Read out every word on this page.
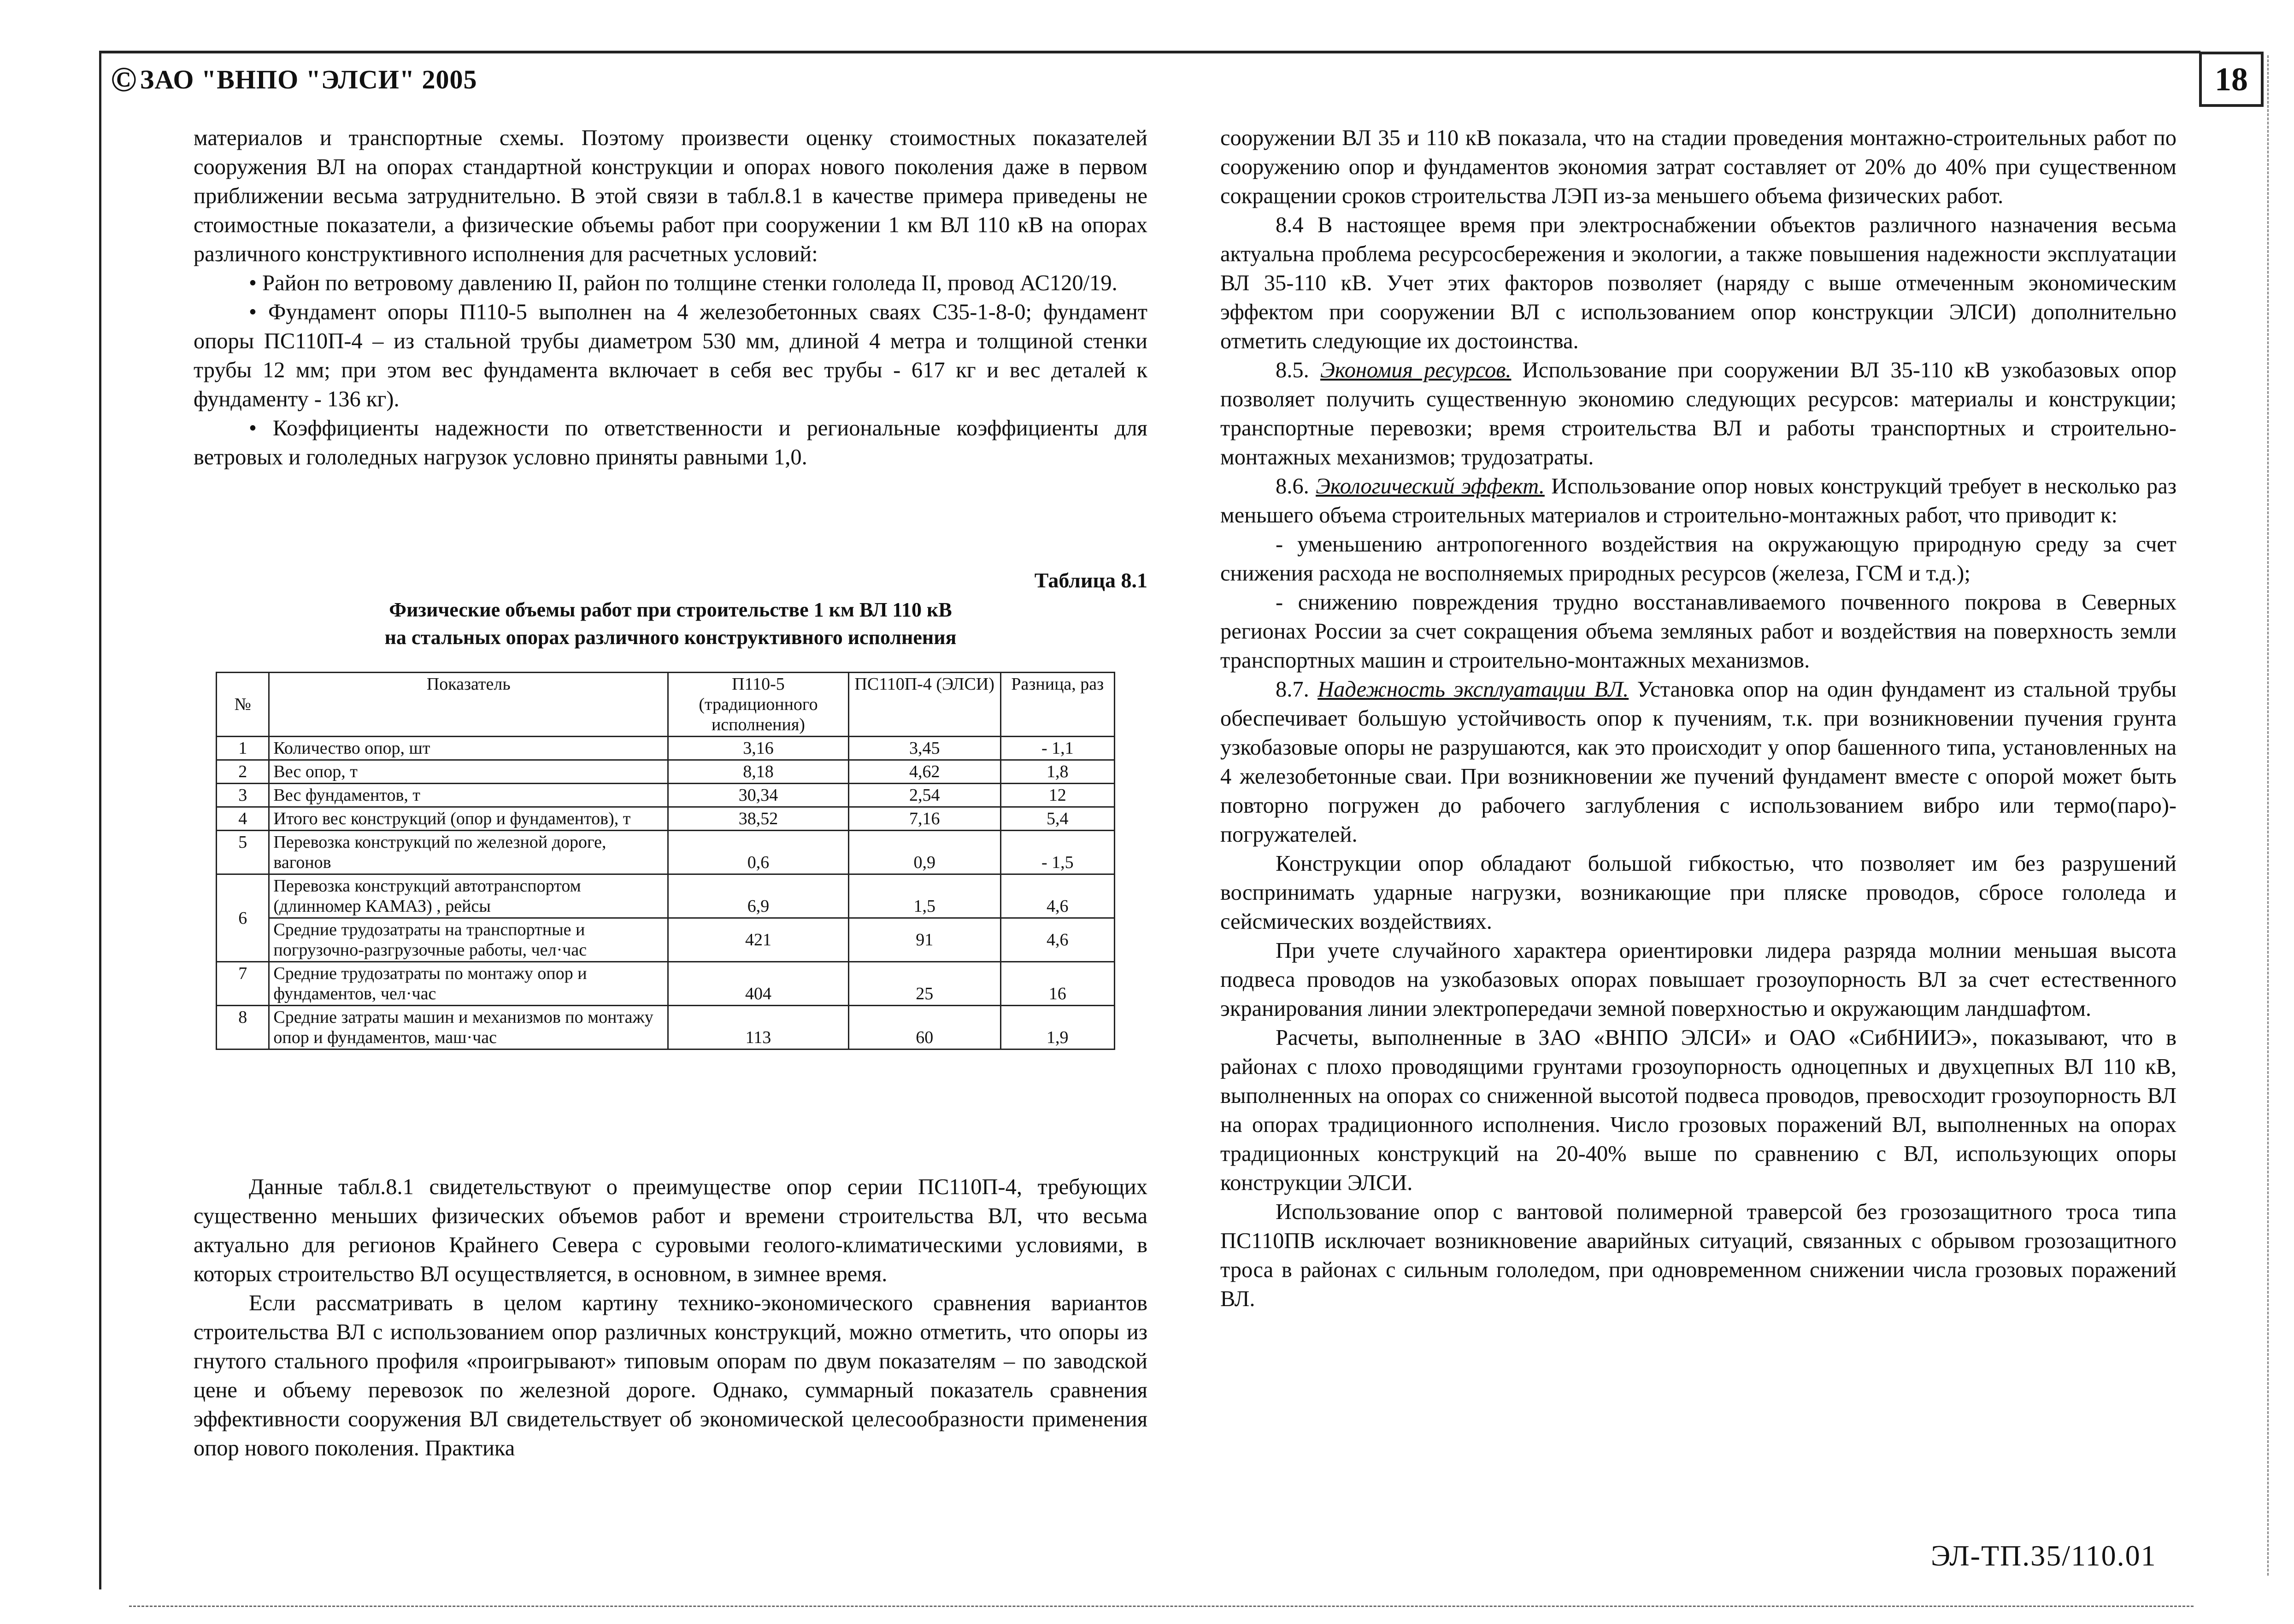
© ЗАО "ВНПО "ЭЛСИ" 2005	18

материалов и транспортные схемы. Поэтому произвести оценку стоимостных показателей сооружения ВЛ на опорах стандартной конструкции и опорах нового поколения даже в первом приближении весьма затруднительно. В этой связи в табл.8.1 в качестве примера приведены не стоимостные показатели, а физические объемы работ при сооружении 1 км ВЛ 110 кВ на опорах различного конструктивного исполнения для расчетных условий:

• Район по ветровому давлению II, район по толщине стенки гололеда II, провод АС120/19.

• Фундамент опоры П110-5 выполнен на 4 железобетонных сваях С35-1-8-0; фундамент опоры ПС110П-4 – из стальной трубы диаметром 530 мм, длиной 4 метра и толщиной стенки трубы 12 мм; при этом вес фундамента включает в себя вес трубы - 617 кг и вес деталей к фундаменту - 136 кг).

• Коэффициенты надежности по ответственности и региональные коэффициенты для ветровых и гололедных нагрузок условно приняты равными 1,0.

Таблица 8.1
Физические объемы работ при строительстве 1 км ВЛ 110 кВ
на стальных опорах различного конструктивного исполнения
№	Показатель	П110-5 (традиционного исполнения)	ПС110П-4 (ЭЛСИ)	Разница, раз
1	Количество опор, шт	3,16	3,45	- 1,1
2	Вес опор, т	8,18	4,62	1,8
3	Вес фундаментов, т	30,34	2,54	12
4	Итого вес конструкций (опор и фундаментов), т	38,52	7,16	5,4
5	Перевозка конструкций по железной дороге, вагонов	0,6	0,9	- 1,5
6	Перевозка конструкций автотранспортом (длинномер КАМАЗ) , рейсы	6,9	1,5	4,6
	Средние трудозатраты на транспортные и погрузочно-разгрузочные работы, чел·час	421	91	4,6
7	Средние трудозатраты по монтажу опор и фундаментов, чел·час	404	25	16
8	Средние затраты машин и механизмов по монтажу опор и фундаментов, маш·час	113	60	1,9

Данные табл.8.1 свидетельствуют о преимуществе опор серии ПС110П-4, требующих существенно меньших физических объемов работ и времени строительства ВЛ, что весьма актуально для регионов Крайнего Севера с суровыми геолого-климатическими условиями, в которых строительство ВЛ осуществляется, в основном, в зимнее время.

Если рассматривать в целом картину технико-экономического сравнения вариантов строительства ВЛ с использованием опор различных конструкций, можно отметить, что опоры из гнутого стального профиля «проигрывают» типовым опорам по двум показателям – по заводской цене и объему перевозок по железной дороге. Однако, суммарный показатель сравнения эффективности сооружения ВЛ свидетельствует об экономической целесообразности применения опор нового поколения. Практика

сооружении ВЛ 35 и 110 кВ показала, что на стадии проведения монтажно-строительных работ по сооружению опор и фундаментов экономия затрат составляет от 20% до 40% при существенном сокращении сроков строительства ЛЭП из-за меньшего объема физических работ.

8.4 В настоящее время при электроснабжении объектов различного назначения весьма актуальна проблема ресурсосбережения и экологии, а также повышения надежности эксплуатации ВЛ 35-110 кВ. Учет этих факторов позволяет (наряду с выше отмеченным экономическим эффектом при сооружении ВЛ с использованием опор конструкции ЭЛСИ) дополнительно отметить следующие их достоинства.

8.5. Экономия ресурсов. Использование при сооружении ВЛ 35-110 кВ узкобазовых опор позволяет получить существенную экономию следующих ресурсов: материалы и конструкции; транспортные перевозки; время строительства ВЛ и работы транспортных и строительно-монтажных механизмов; трудозатраты.

8.6. Экологический эффект. Использование опор новых конструкций требует в несколько раз меньшего объема строительных материалов и строительно-монтажных работ, что приводит к:

- уменьшению антропогенного воздействия на окружающую природную среду за счет снижения расхода не восполняемых природных ресурсов (железа, ГСМ и т.д.);

- снижению повреждения трудно восстанавливаемого почвенного покрова в Северных регионах России за счет сокращения объема земляных работ и воздействия на поверхность земли транспортных машин и строительно-монтажных механизмов.

8.7. Надежность эксплуатации ВЛ. Установка опор на один фундамент из стальной трубы обеспечивает большую устойчивость опор к пучениям, т.к. при возникновении пучения грунта узкобазовые опоры не разрушаются, как это происходит у опор башенного типа, установленных на 4 железобетонные сваи. При возникновении же пучений фундамент вместе с опорой может быть повторно погружен до рабочего заглубления с использованием вибро или термо(паро)-погружателей.

Конструкции опор обладают большой гибкостью, что позволяет им без разрушений воспринимать ударные нагрузки, возникающие при пляске проводов, сбросе гололеда и сейсмических воздействиях.

При учете случайного характера ориентировки лидера разряда молнии меньшая высота подвеса проводов на узкобазовых опорах повышает грозоупорность ВЛ за счет естественного экранирования линии электропередачи земной поверхностью и окружающим ландшафтом.

Расчеты, выполненные в ЗАО «ВНПО ЭЛСИ» и ОАО «СибНИИЭ», показывают, что в районах с плохо проводящими грунтами грозоупорность одноцепных и двухцепных ВЛ 110 кВ, выполненных на опорах со сниженной высотой подвеса проводов, превосходит грозоупорность ВЛ на опорах традиционного исполнения. Число грозовых поражений ВЛ, выполненных на опорах традиционных конструкций на 20-40% выше по сравнению с ВЛ, использующих опоры конструкции ЭЛСИ.

Использование опор с вантовой полимерной траверсой без грозозащитного троса типа ПС110ПВ исключает возникновение аварийных ситуаций, связанных с обрывом грозозащитного троса в районах с сильным гололедом, при одновременном снижении числа грозовых поражений ВЛ.

ЭЛ-ТП.35/110.01
